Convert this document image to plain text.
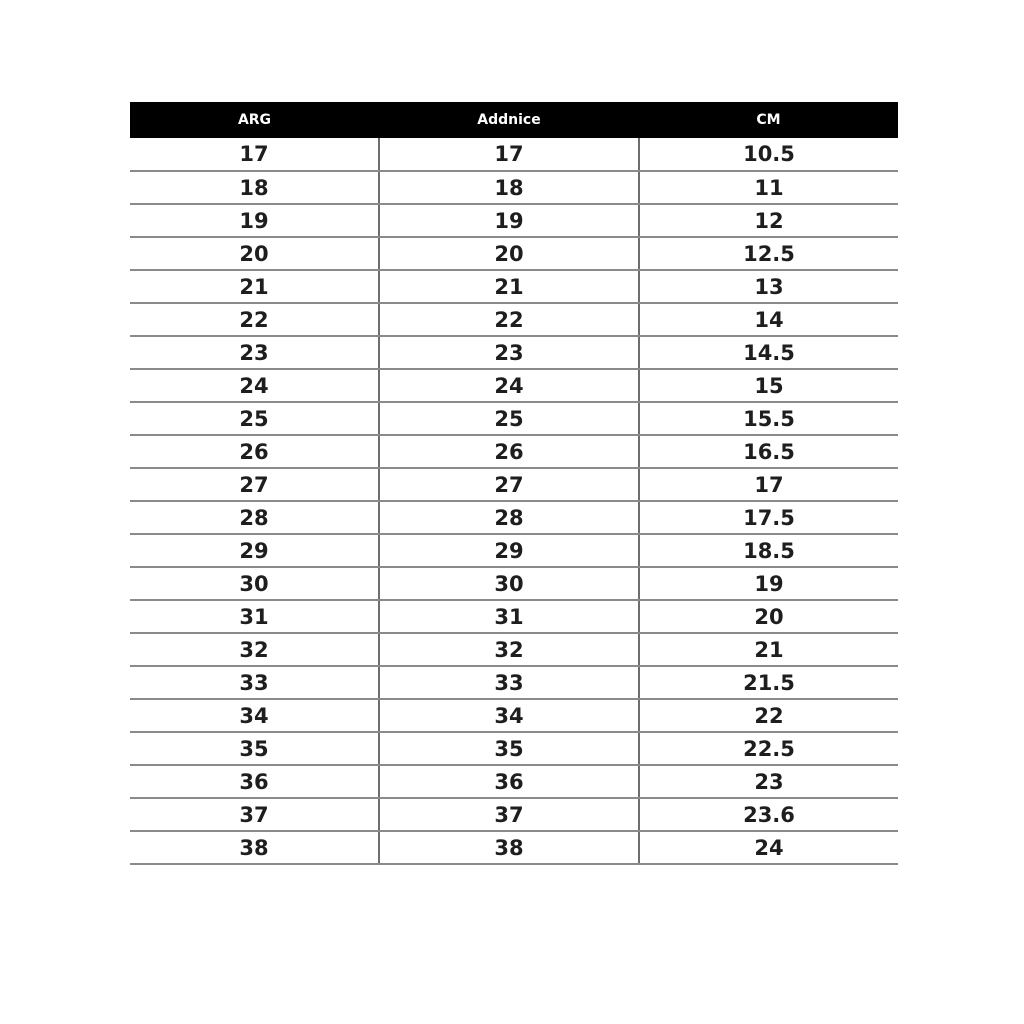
ARG	Addnice	CM
17	17	10.5
18	18	11
19	19	12
20	20	12.5
21	21	13
22	22	14
23	23	14.5
24	24	15
25	25	15.5
26	26	16.5
27	27	17
28	28	17.5
29	29	18.5
30	30	19
31	31	20
32	32	21
33	33	21.5
34	34	22
35	35	22.5
36	36	23
37	37	23.6
38	38	24
